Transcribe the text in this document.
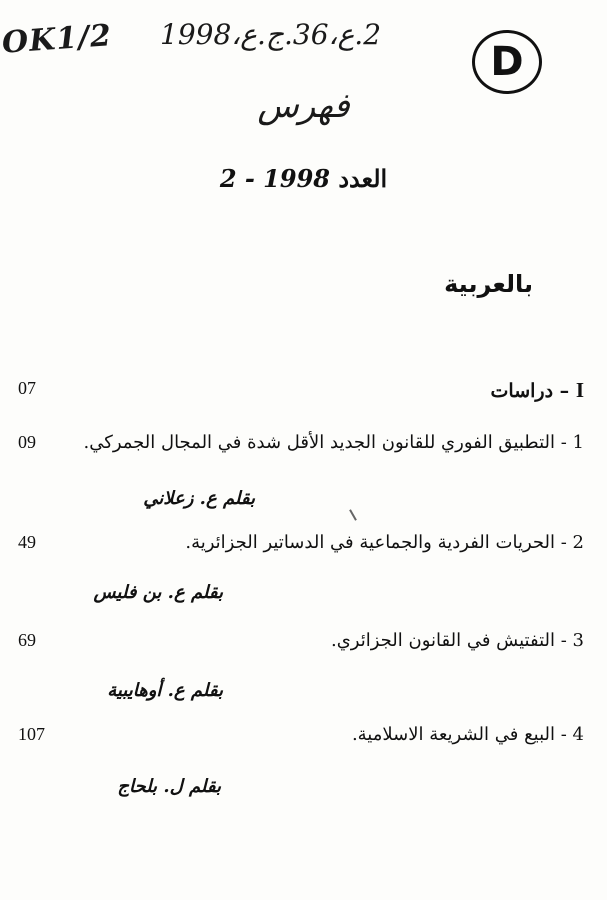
OK1/2 2.ع،36.ج.ع،1998
D
فهرس
العدد 2 - 1998
بالعربية
07	I – دراسات
09	1 - التطبيق الفوري للقانون الجديد الأقل شدة في المجال الجمركي.
بقلم ع. زعلاني
49	2 - الحريات الفردية والجماعية في الدساتير الجزائرية.
بقلم ع. بن فليس
69	3 - التفتيش في القانون الجزائري.
بقلم ع. أوهايبية
107	4 - البيع في الشريعة الاسلامية.
بقلم ل. بلحاج
